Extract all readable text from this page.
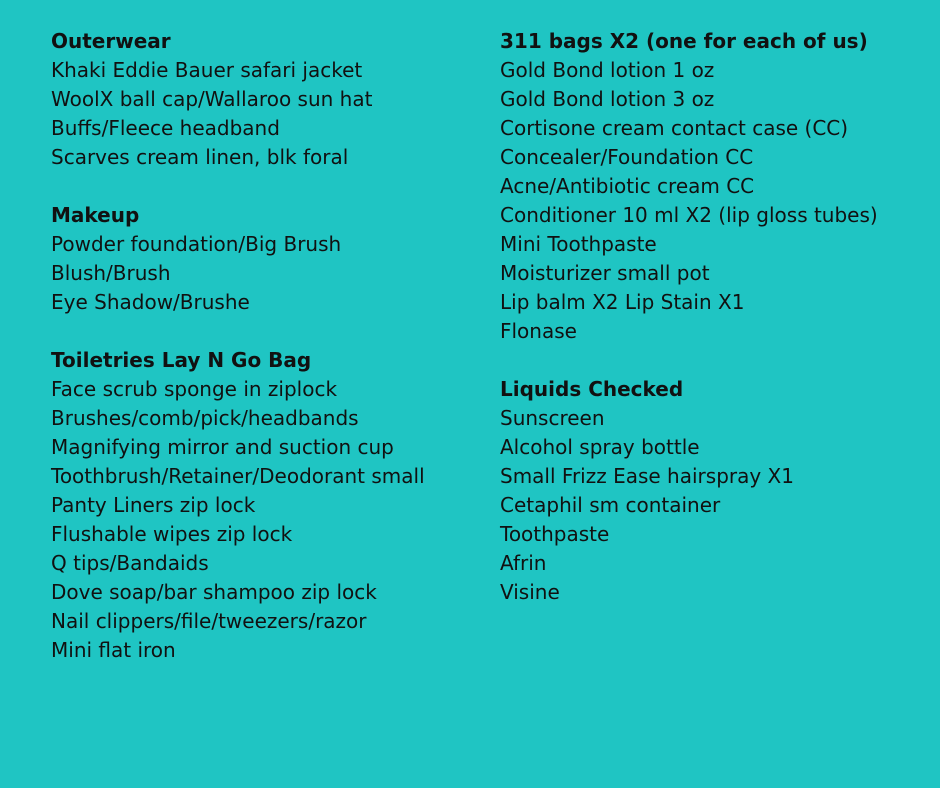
Outerwear
Khaki Eddie Bauer safari jacket
WoolX ball cap/Wallaroo sun hat
Buffs/Fleece headband
Scarves cream linen, blk foral
Makeup
Powder foundation/Big Brush
Blush/Brush
Eye Shadow/Brushe
Toiletries Lay N Go Bag
Face scrub sponge in ziplock
Brushes/comb/pick/headbands
Magnifying mirror and suction cup
Toothbrush/Retainer/Deodorant small
Panty Liners zip lock
Flushable wipes zip lock
Q tips/Bandaids
Dove soap/bar shampoo zip lock
Nail clippers/file/tweezers/razor
Mini flat iron
311 bags X2 (one for each of us)
Gold Bond lotion 1 oz
Gold Bond lotion 3 oz
Cortisone cream contact case (CC)
Concealer/Foundation CC
Acne/Antibiotic cream CC
Conditioner 10 ml X2 (lip gloss tubes)
Mini Toothpaste
Moisturizer small pot
Lip balm X2 Lip Stain X1
Flonase
Liquids Checked
Sunscreen
Alcohol spray bottle
Small Frizz Ease hairspray X1
Cetaphil sm container
Toothpaste
Afrin
Visine
